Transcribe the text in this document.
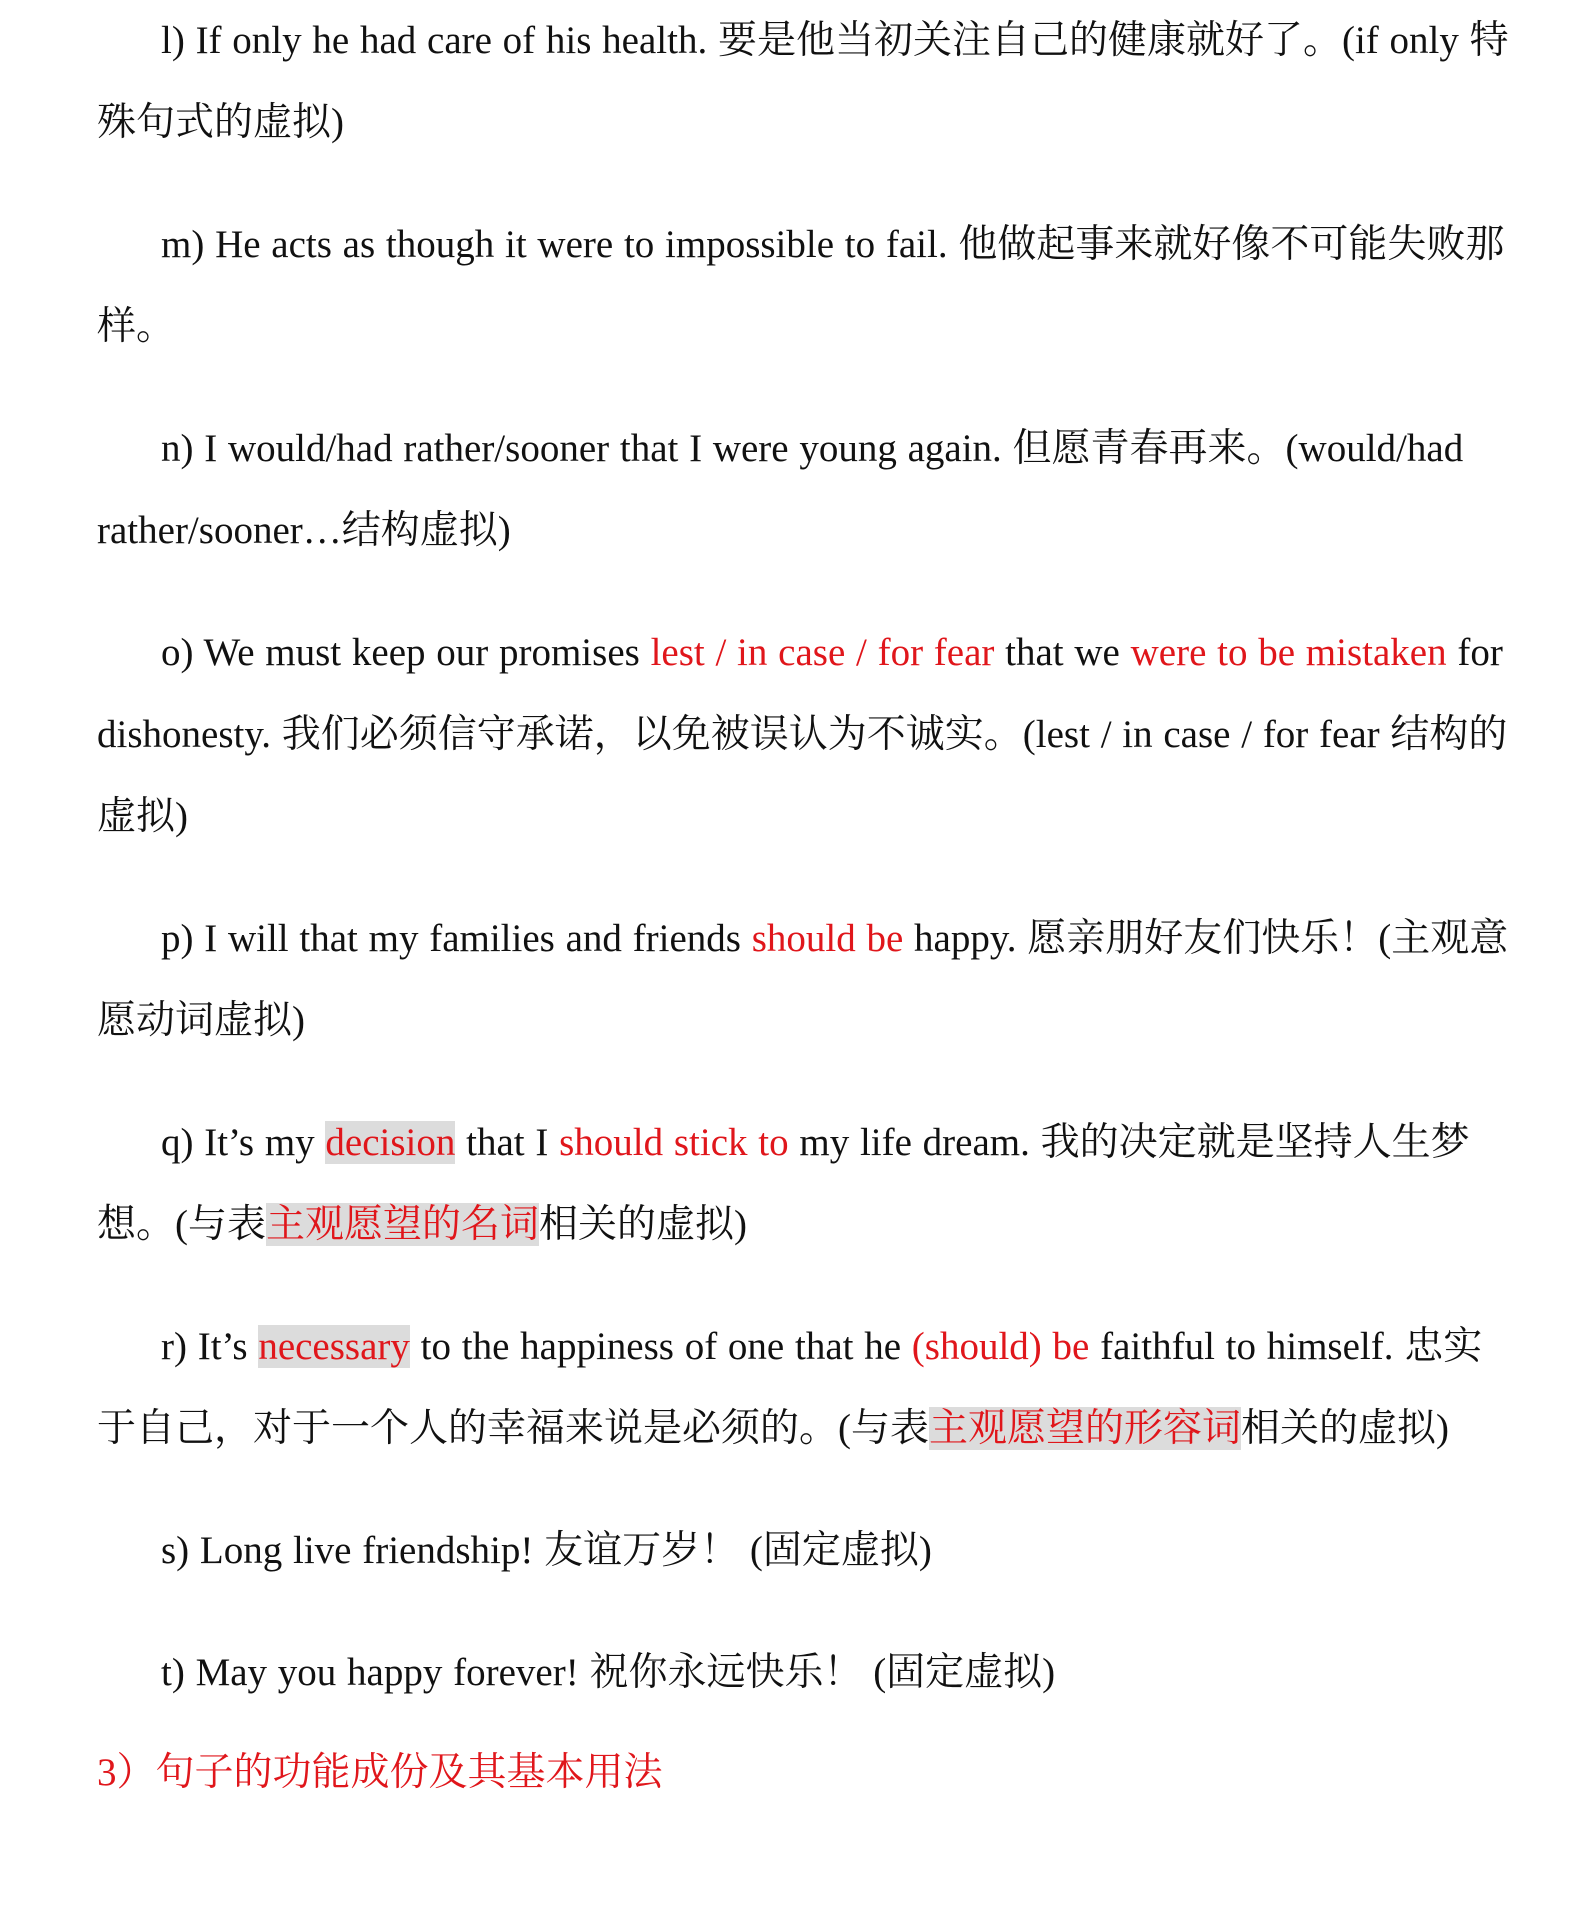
l) If only he had care of his health. 要是他当初关注自己的健康就好了。(if only 特殊句式的虚拟)

m) He acts as though it were to impossible to fail. 他做起事来就好像不可能失败那样。

n) I would/had rather/sooner that I were young again. 但愿青春再来。(would/had rather/sooner…结构虚拟)

o) We must keep our promises lest / in case / for fear that we were to be mistaken for dishonesty. 我们必须信守承诺，以免被误认为不诚实。(lest / in case / for fear 结构的虚拟)

p) I will that my families and friends should be happy. 愿亲朋好友们快乐！(主观意愿动词虚拟)

q) It’s my decision that I should stick to my life dream. 我的决定就是坚持人生梦想。(与表主观愿望的名词相关的虚拟)

r) It’s necessary to the happiness of one that he (should) be faithful to himself. 忠实于自己，对于一个人的幸福来说是必须的。(与表主观愿望的形容词相关的虚拟)

s) Long live friendship! 友谊万岁！ (固定虚拟)

t) May you happy forever! 祝你永远快乐！ (固定虚拟)

3）句子的功能成份及其基本用法
